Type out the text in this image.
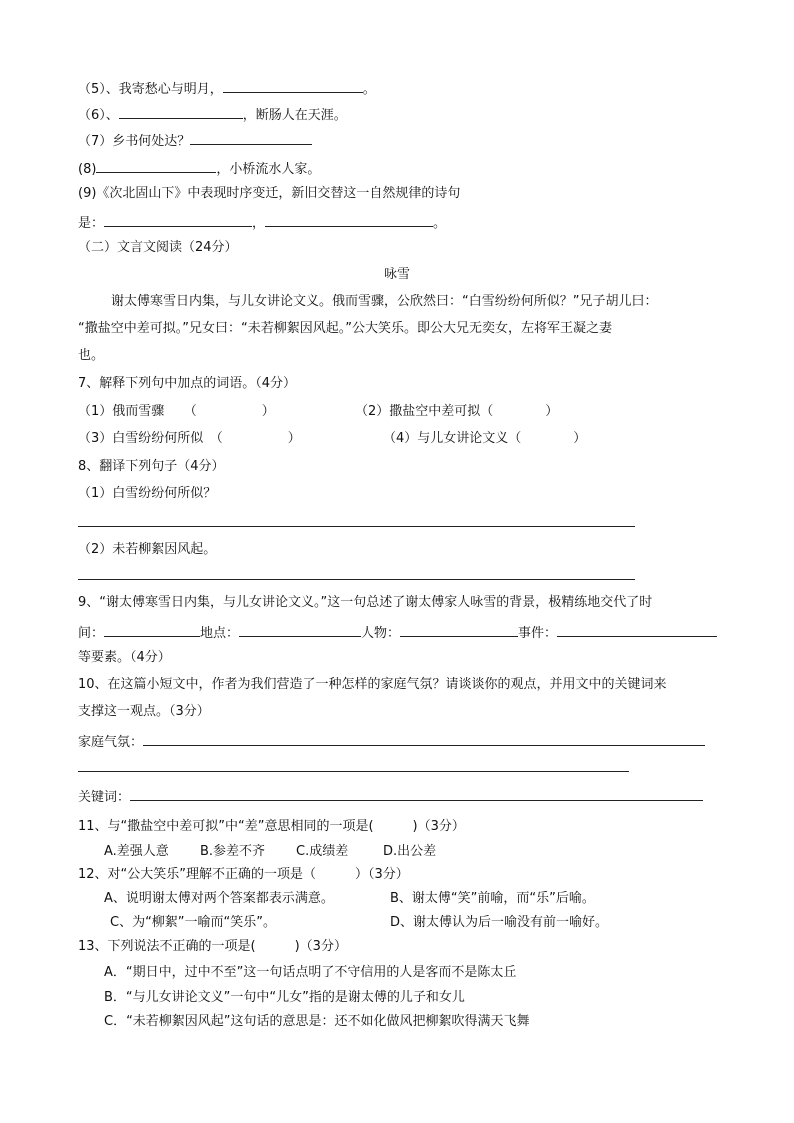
（5）、我寄愁心与明月，	。
（6）、	，断肠人在天涯。
（7）乡书何处达？
(8)	，小桥流水人家。
(9)《次北固山下》中表现时序变迁，新旧交替这一自然规律的诗句
是：	，	。
（二）文言文阅读（24分）
咏雪
谢太傅寒雪日内集，与儿女讲论文义。俄而雪骤，公欣然曰：“白雪纷纷何所似？”兄子胡儿曰：
“撒盐空中差可拟。”兄女曰：“未若柳絮因风起。”公大笑乐。即公大兄无奕女，左将军王凝之妻
也。
7、解释下列句中加点的词语。（4分）
（1）俄而雪骤　　（　　　　　）	（2）撒盐空中差可拟（　　　　）
（3）白雪纷纷何所似　（　　　　　）	（4）与儿女讲论文义（　　　　）
8、翻译下列句子（4分）
（1）白雪纷纷何所似？
（2）未若柳絮因风起。
9、“谢太傅寒雪日内集，与儿女讲论文义。”这一句总述了谢太傅家人咏雪的背景，极精练地交代了时
间：	地点：	人物：	事件：
等要素。（4分）
10、在这篇小短文中，作者为我们营造了一种怎样的家庭气氛？请谈谈你的观点，并用文中的关键词来
支撑这一观点。（3分）
家庭气氛：
关键词：
11、与“撒盐空中差可拟”中“差”意思相同的一项是(　　　)（3分）
A.差强人意 B.参差不齐 C.成绩差	D.出公差
12、对“公大笑乐”理解不正确的一项是（　　　）（3分）
A、说明谢太傅对两个答案都表示满意。	B、谢太傅“笑”前喻，而“乐”后喻。
C、为“柳絮”一喻而“笑乐”。	D、谢太傅认为后一喻没有前一喻好。
13、下列说法不正确的一项是(　　　)（3分）
A．“期日中，过中不至”这一句话点明了不守信用的人是客而不是陈太丘
B．“与儿女讲论文义”一句中“儿女”指的是谢太傅的儿子和女儿
C．“未若柳絮因风起”这句话的意思是：还不如化做风把柳絮吹得满天飞舞
